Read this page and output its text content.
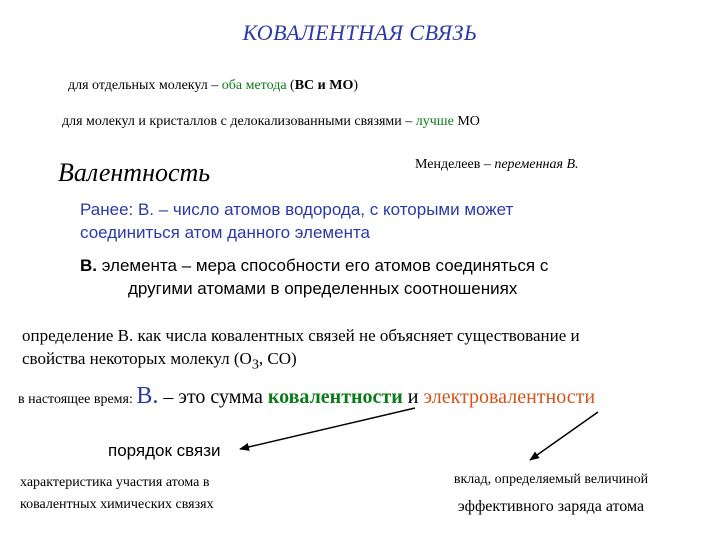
КОВАЛЕНТНАЯ СВЯЗЬ
для отдельных молекул – оба метода (ВС и МО)
для молекул и кристаллов с делокализованными связями – лучше МО
Валентность	Менделеев – переменная В.
Ранее: В. – число атомов водорода, с которыми может
соединиться атом данного элемента
В. элемента – мера способности его атомов соединяться с
другими атомами в определенных соотношениях
определение В. как числа ковалентных связей не объясняет существование и
свойства некоторых молекул ($О_3$, СО)
в настоящее время: В. – это сумма ковалентности и электровалентности
порядок связи
характеристика участия атома в
ковалентных химических связях
вклад, определяемый величиной
эффективного заряда атома
